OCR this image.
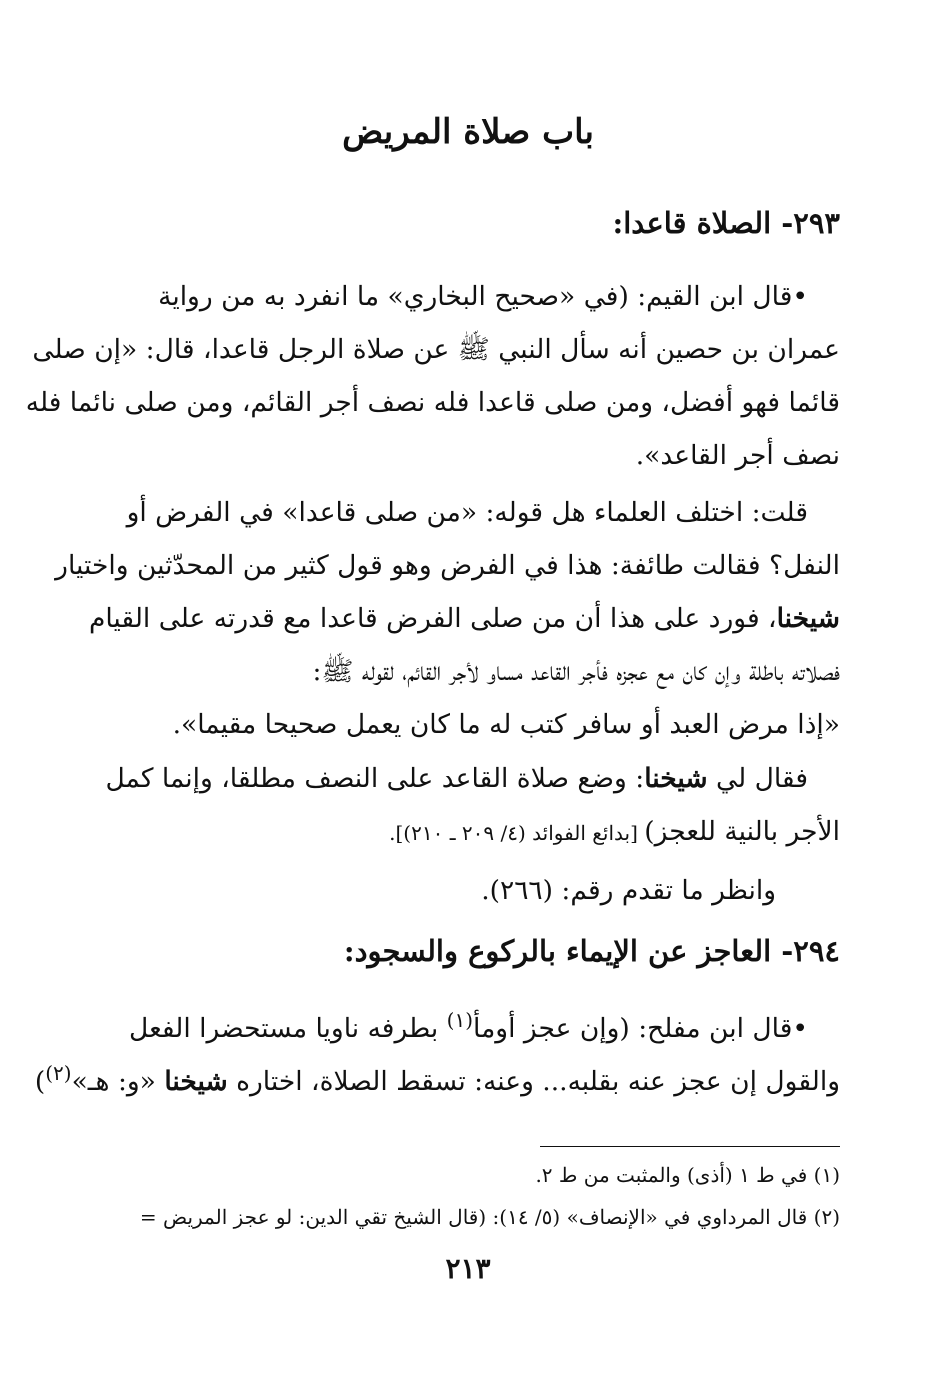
باب صلاة المريض
٢٩٣- الصلاة قاعدا:
•قال ابن القيم: (في «صحيح البخاري» ما انفرد به من رواية
عمران بن حصين أنه سأل النبي ﷺ عن صلاة الرجل قاعدا، قال: «إن صلى
قائما فهو أفضل، ومن صلى قاعدا فله نصف أجر القائم، ومن صلى نائما فله
نصف أجر القاعد».
قلت: اختلف العلماء هل قوله: «من صلى قاعدا» في الفرض أو
النفل؟ فقالت طائفة: هذا في الفرض وهو قول كثير من المحدّثين واختيار
شيخنا، فورد على هذا أن من صلى الفرض قاعدا مع قدرته على القيام
فصلاته باطلة وإن كان مع عجزه فأجر القاعد مساو لأجر القائم، لقوله ﷺ:
«إذا مرض العبد أو سافر كتب له ما كان يعمل صحيحا مقيما».
فقال لي شيخنا: وضع صلاة القاعد على النصف مطلقا، وإنما كمل
الأجر بالنية للعجز) [بدائع الفوائد (٤/ ٢٠٩ ـ ٢١٠)].
وانظر ما تقدم رقم: (٢٦٦).
٢٩٤- العاجز عن الإيماء بالركوع والسجود:
•قال ابن مفلح: (وإن عجز أومأ$^{(١)}$ بطرفه ناويا مستحضرا الفعل
والقول إن عجز عنه بقلبه... وعنه: تسقط الصلاة، اختاره شيخنا «و: هـ»$^{(٢)}$)
(١) في ط ١ (أذى) والمثبت من ط ٢.
(٢) قال المرداوي في «الإنصاف» (٥/ ١٤): (قال الشيخ تقي الدين: لو عجز المريض =
٢١٣
